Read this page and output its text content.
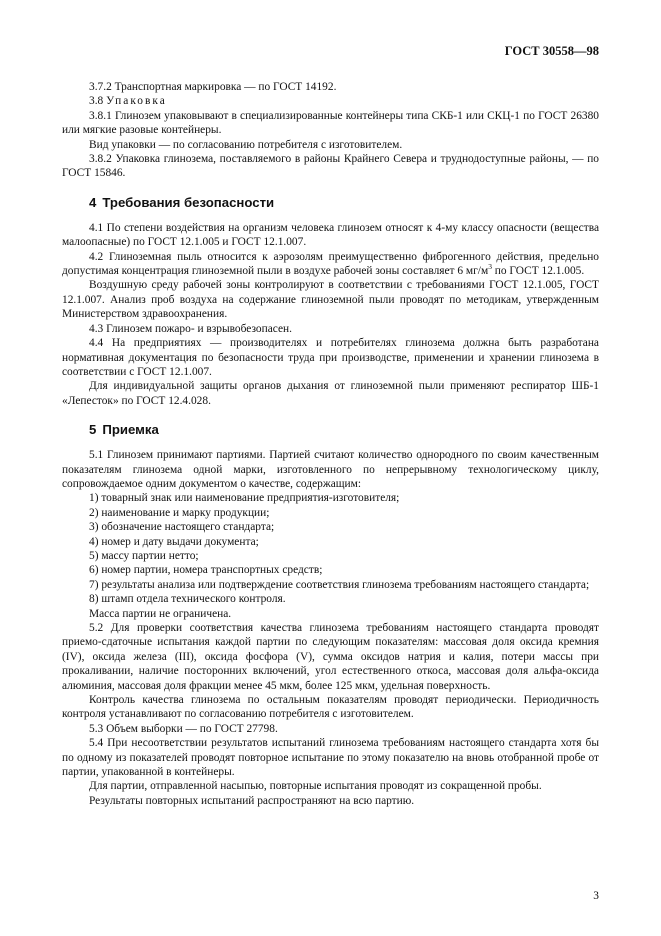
ГОСТ 30558—98

3.7.2 Транспортная маркировка — по ГОСТ 14192.

3.8 Упаковка

3.8.1 Глинозем упаковывают в специализированные контейнеры типа СКБ-1 или СКЦ-1 по ГОСТ 26380 или мягкие разовые контейнеры.

Вид упаковки — по согласованию потребителя с изготовителем.

3.8.2 Упаковка глинозема, поставляемого в районы Крайнего Севера и труднодоступные районы, — по ГОСТ 15846.

4 Требования безопасности

4.1 По степени воздействия на организм человека глинозем относят к 4-му классу опасности (вещества малоопасные) по ГОСТ 12.1.005 и ГОСТ 12.1.007.

4.2 Глиноземная пыль относится к аэрозолям преимущественно фиброгенного действия, предельно допустимая концентрация глиноземной пыли в воздухе рабочей зоны составляет 6 $мг/м^3$ по ГОСТ 12.1.005.

Воздушную среду рабочей зоны контролируют в соответствии с требованиями ГОСТ 12.1.005, ГОСТ 12.1.007. Анализ проб воздуха на содержание глиноземной пыли проводят по методикам, утвержденным Министерством здравоохранения.

4.3 Глинозем пожаро- и взрывобезопасен.

4.4 На предприятиях — производителях и потребителях глинозема должна быть разработана нормативная документация по безопасности труда при производстве, применении и хранении глинозема в соответствии с ГОСТ 12.1.007.

Для индивидуальной защиты органов дыхания от глиноземной пыли применяют респиратор ШБ-1 «Лепесток» по ГОСТ 12.4.028.

5 Приемка

5.1 Глинозем принимают партиями. Партией считают количество однородного по своим качественным показателям глинозема одной марки, изготовленного по непрерывному технологическому циклу, сопровождаемое одним документом о качестве, содержащим:

1) товарный знак или наименование предприятия-изготовителя;

2) наименование и марку продукции;

3) обозначение настоящего стандарта;

4) номер и дату выдачи документа;

5) массу партии нетто;

6) номер партии, номера транспортных средств;

7) результаты анализа или подтверждение соответствия глинозема требованиям настоящего стандарта;

8) штамп отдела технического контроля.

Масса партии не ограничена.

5.2 Для проверки соответствия качества глинозема требованиям настоящего стандарта проводят приемо-сдаточные испытания каждой партии по следующим показателям: массовая доля оксида кремния (IV), оксида железа (III), оксида фосфора (V), сумма оксидов натрия и калия, потери массы при прокаливании, наличие посторонних включений, угол естественного откоса, массовая доля альфа-оксида алюминия, массовая доля фракции менее 45 мкм, более 125 мкм, удельная поверхность.

Контроль качества глинозема по остальным показателям проводят периодически. Периодичность контроля устанавливают по согласованию потребителя с изготовителем.

5.3 Объем выборки — по ГОСТ 27798.

5.4 При несоответствии результатов испытаний глинозема требованиям настоящего стандарта хотя бы по одному из показателей проводят повторное испытание по этому показателю на вновь отобранной пробе от партии, упакованной в контейнеры.

Для партии, отправленной насыпью, повторные испытания проводят из сокращенной пробы.

Результаты повторных испытаний распространяют на всю партию.

3
